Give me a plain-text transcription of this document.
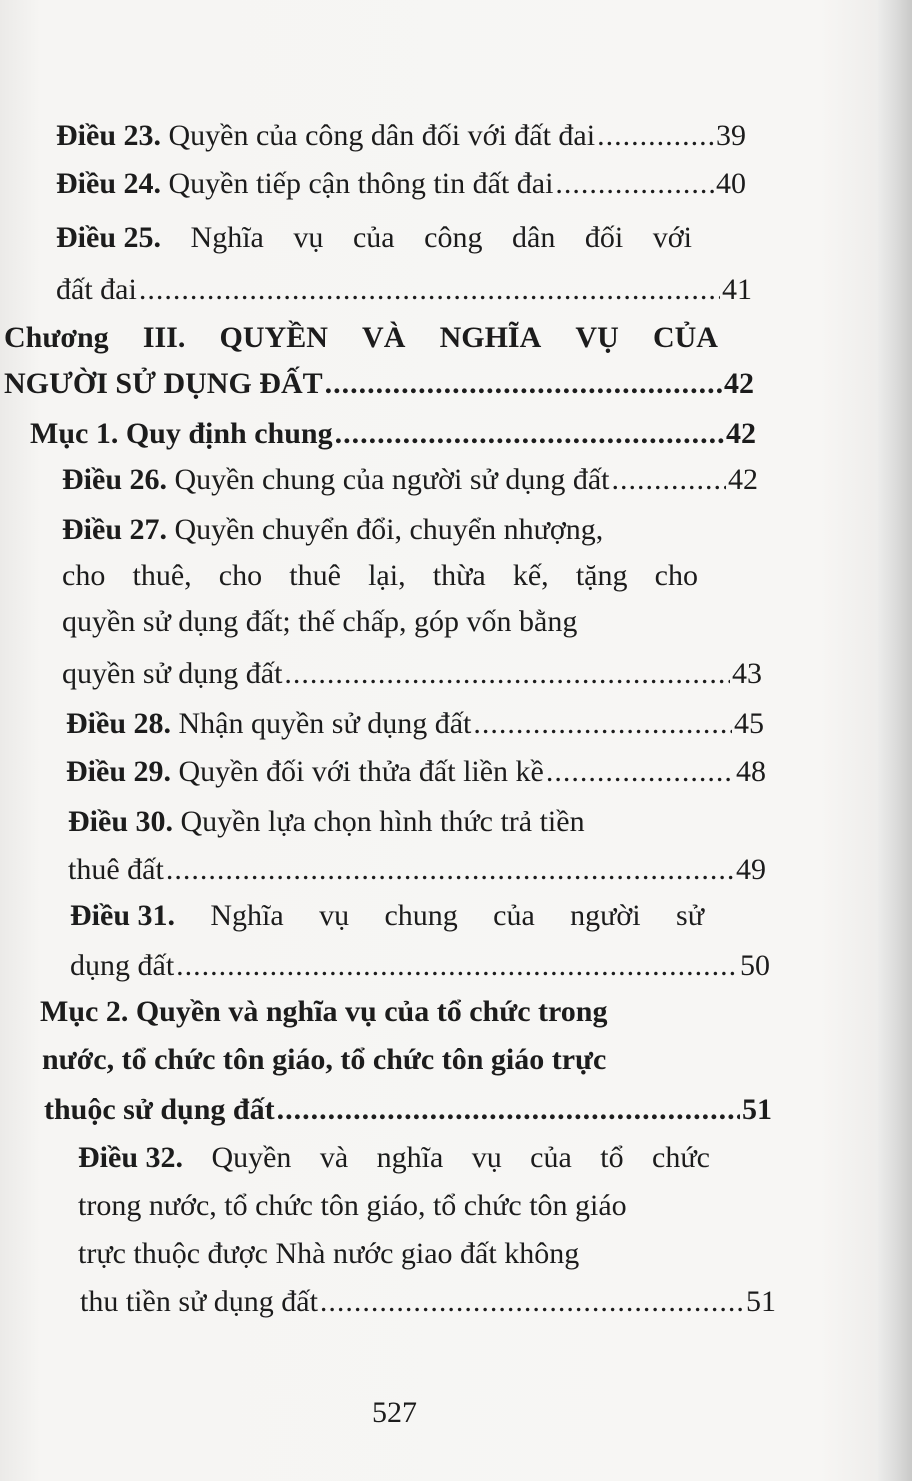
Điều 23. Quyền của công dân đối với đất đai .....	39
Điều 24. Quyền tiếp cận thông tin đất đai .....	40
Điều 25. Nghĩa vụ của công dân đối với
đất đai .....	41
Chương III. QUYỀN VÀ NGHĨA VỤ CỦA
NGƯỜI SỬ DỤNG ĐẤT .....	42
Mục 1. Quy định chung .....	42
Điều 26. Quyền chung của người sử dụng đất .....	42
Điều 27. Quyền chuyển đổi, chuyển nhượng,
cho thuê, cho thuê lại, thừa kế, tặng cho
quyền sử dụng đất; thế chấp, góp vốn bằng
quyền sử dụng đất .....	43
Điều 28. Nhận quyền sử dụng đất .....	45
Điều 29. Quyền đối với thửa đất liền kề .....	48
Điều 30. Quyền lựa chọn hình thức trả tiền
thuê đất .....	49
Điều 31. Nghĩa vụ chung của người sử
dụng đất .....	50
Mục 2. Quyền và nghĩa vụ của tổ chức trong
nước, tổ chức tôn giáo, tổ chức tôn giáo trực
thuộc sử dụng đất .....	51
Điều 32. Quyền và nghĩa vụ của tổ chức
trong nước, tổ chức tôn giáo, tổ chức tôn giáo
trực thuộc được Nhà nước giao đất không
thu tiền sử dụng đất .....	51
527
